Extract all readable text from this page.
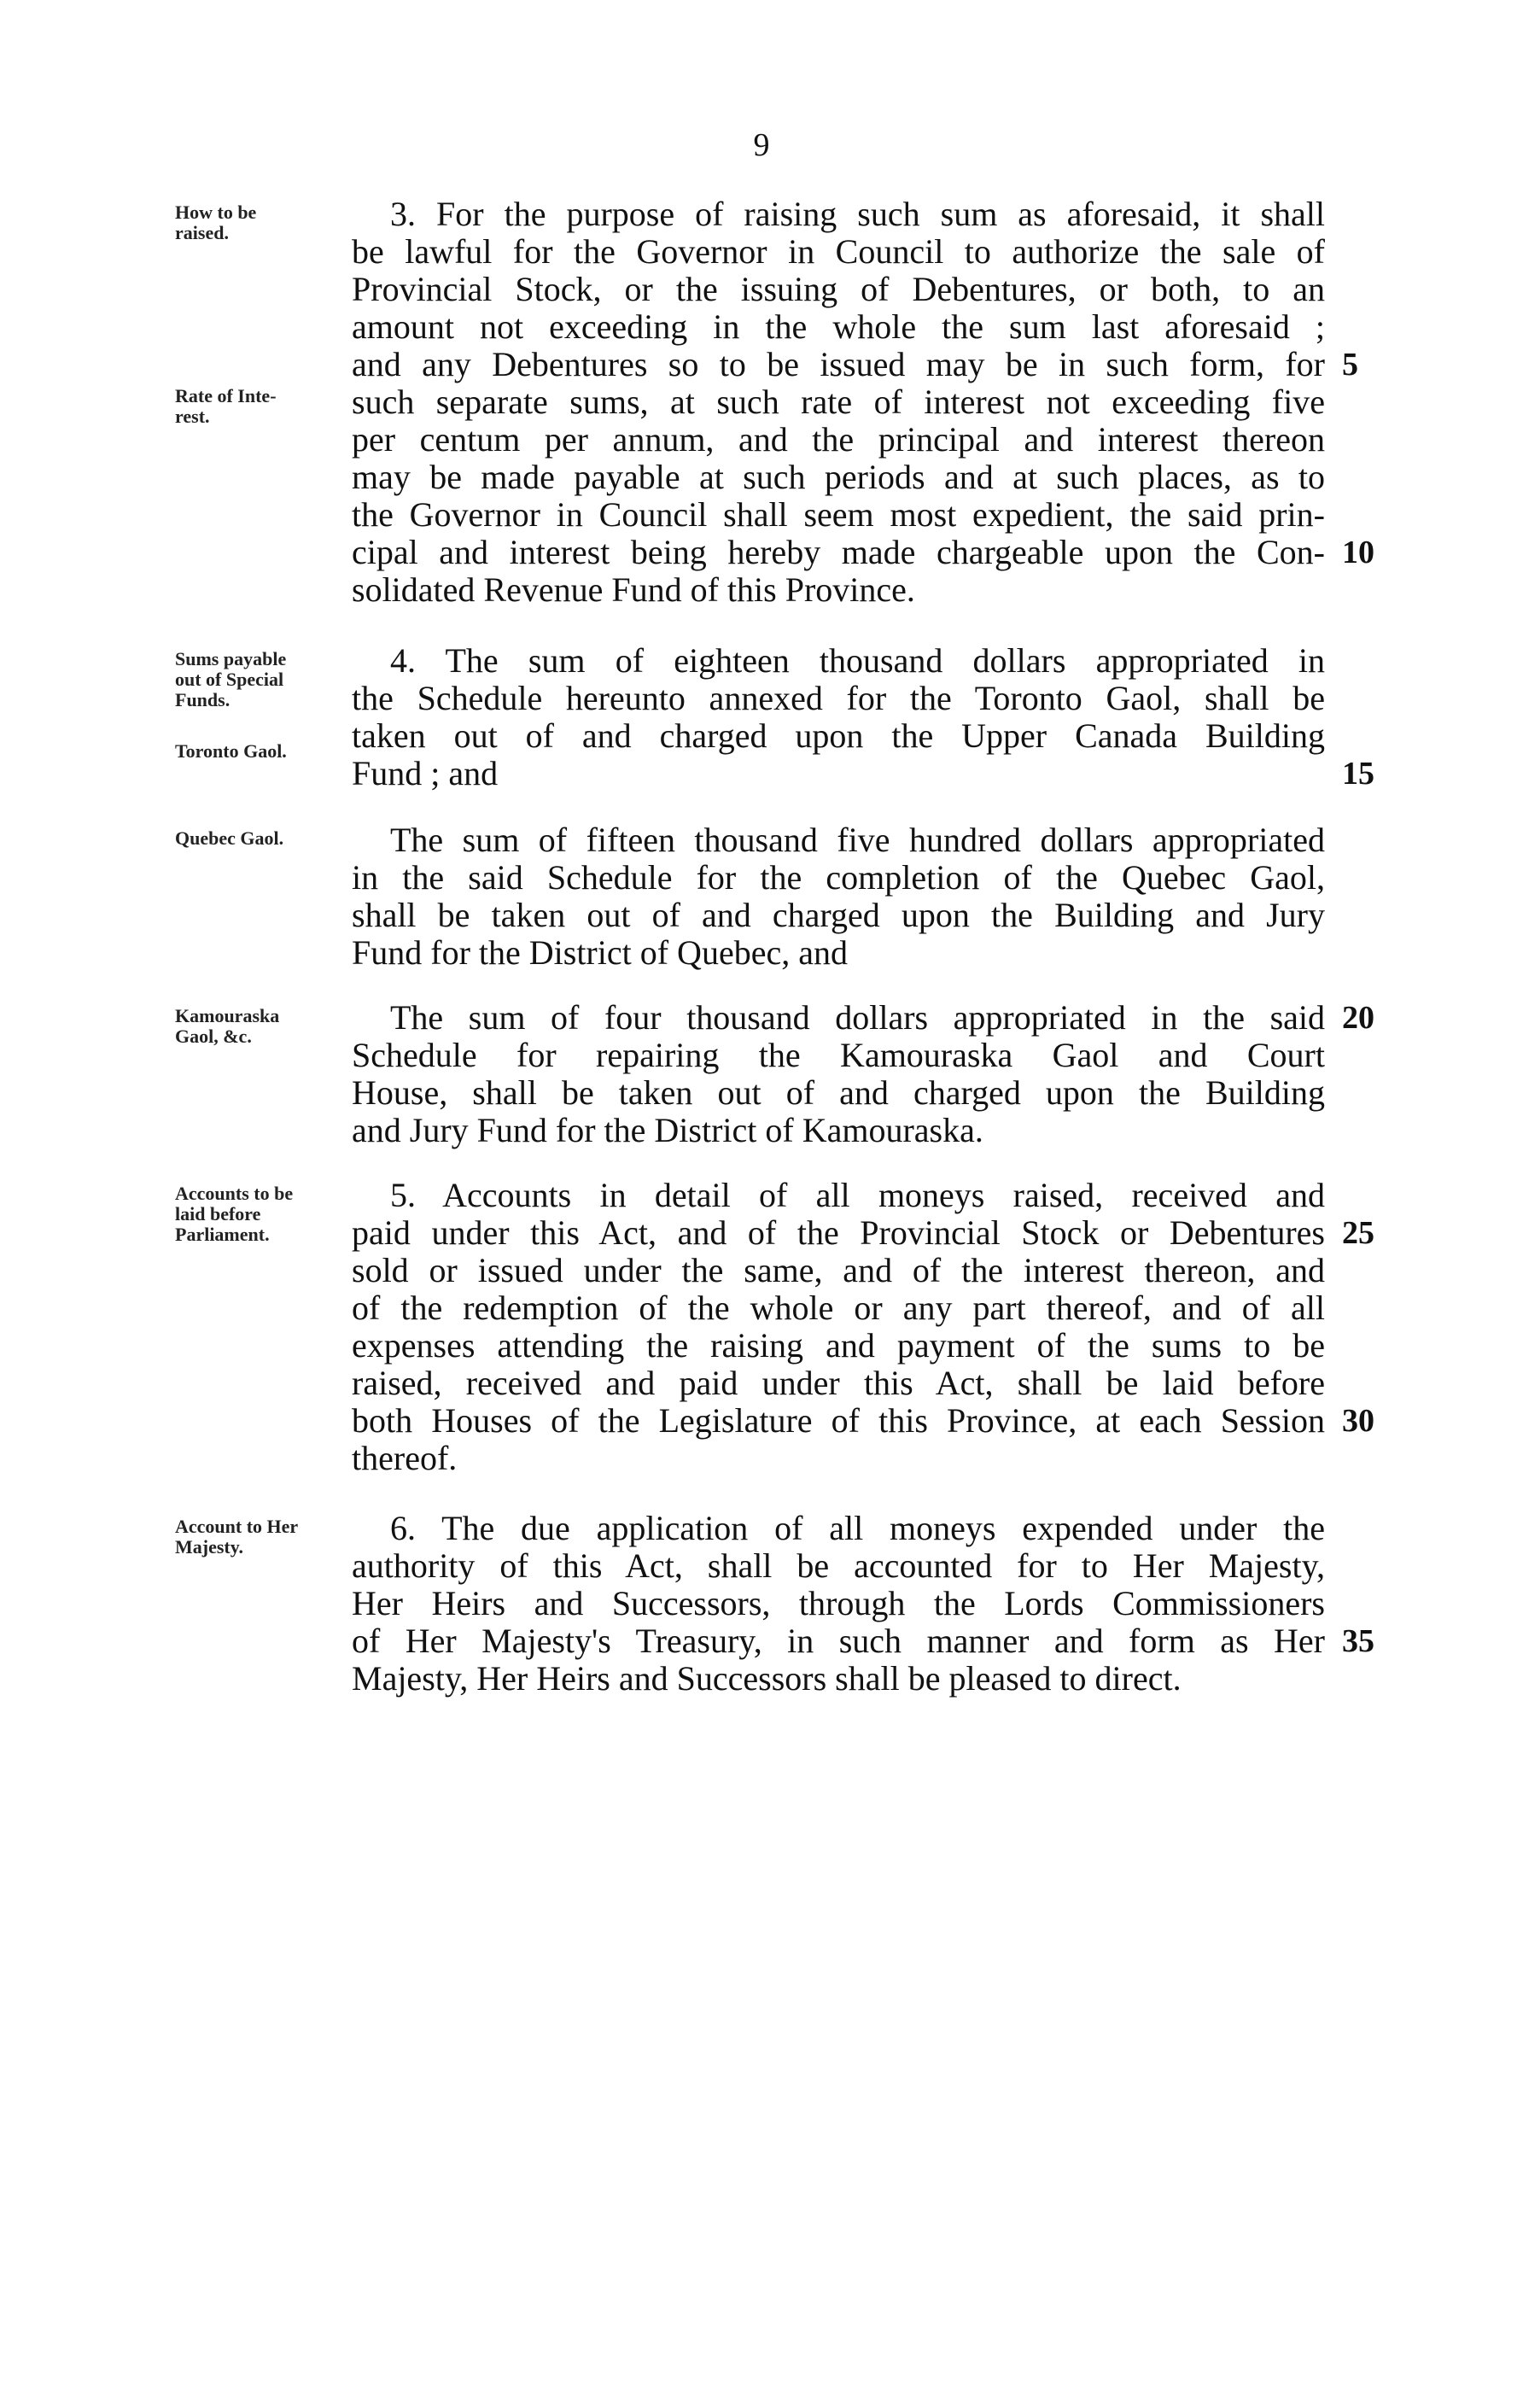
9
How to be
raised.
Rate of Inte-
rest.
3. For the purpose of raising such sum as aforesaid, it shall
be lawful for the Governor in Council to authorize the sale of
Provincial Stock, or the issuing of Debentures, or both, to an
amount not exceeding in the whole the sum last aforesaid ;
and any Debentures so to be issued may be in such form, for
such separate sums, at such rate of interest not exceeding five
per centum per annum, and the principal and interest thereon
may be made payable at such periods and at such places, as to
the Governor in Council shall seem most expedient, the said prin-
cipal and interest being hereby made chargeable upon the Con-
solidated Revenue Fund of this Province.
5
10
Sums payable
out of Special
Funds.
Toronto Gaol.
4. The sum of eighteen thousand dollars appropriated in
the Schedule hereunto annexed for the Toronto Gaol, shall be
taken out of and charged upon the Upper Canada Building
Fund ; and	15
Quebec Gaol.	The sum of fifteen thousand five hundred dollars appropriated
in the said Schedule for the completion of the Quebec Gaol,
shall be taken out of and charged upon the Building and Jury
Fund for the District of Quebec, and
Kamouraska
Gaol, &c.	The sum of four thousand dollars appropriated in the said
Schedule for repairing the Kamouraska Gaol and Court
House, shall be taken out of and charged upon the Building
and Jury Fund for the District of Kamouraska.
20
Accounts to be
laid before
Parliament.
5. Accounts in detail of all moneys raised, received and
paid under this Act, and of the Provincial Stock or Debentures
sold or issued under the same, and of the interest thereon, and
of the redemption of the whole or any part thereof, and of all
expenses attending the raising and payment of the sums to be
raised, received and paid under this Act, shall be laid before
both Houses of the Legislature of this Province, at each Session
thereof.
25
30
Account to Her
Majesty.	6. The due application of all moneys expended under the
authority of this Act, shall be accounted for to Her Majesty,
Her Heirs and Successors, through the Lords Commissioners
of Her Majesty's Treasury, in such manner and form as Her
Majesty, Her Heirs and Successors shall be pleased to direct.
35
